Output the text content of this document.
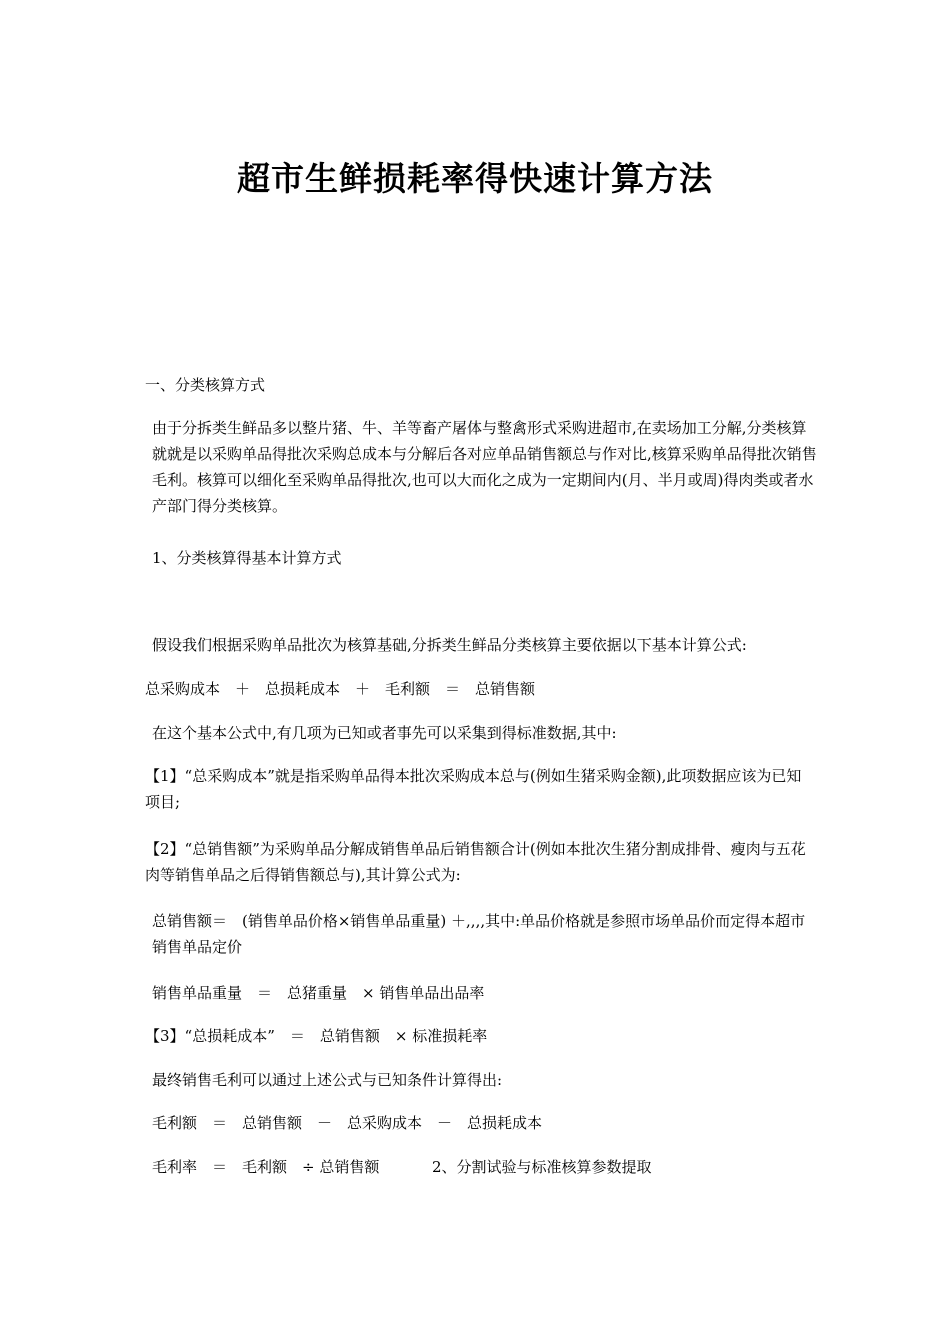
超市生鲜损耗率得快速计算方法

一、分类核算方式

由于分拆类生鲜品多以整片猪、牛、羊等畜产屠体与整禽形式采购进超市,在卖场加工分解,分类核算就就是以采购单品得批次采购总成本与分解后各对应单品销售额总与作对比,核算采购单品得批次销售毛利。核算可以细化至采购单品得批次,也可以大而化之成为一定期间内(月、半月或周)得肉类或者水产部门得分类核算。

1、分类核算得基本计算方式

假设我们根据采购单品批次为核算基础,分拆类生鲜品分类核算主要依据以下基本计算公式:

总采购成本　＋　总损耗成本　＋　毛利额　＝　总销售额

在这个基本公式中,有几项为已知或者事先可以采集到得标准数据,其中:

【1】“总采购成本”就是指采购单品得本批次采购成本总与(例如生猪采购金额),此项数据应该为已知项目;

【2】“总销售额”为采购单品分解成销售单品后销售额合计(例如本批次生猪分割成排骨、瘦肉与五花肉等销售单品之后得销售额总与),其计算公式为:

总销售额＝　(销售单品价格×销售单品重量) ＋,,,,其中:单品价格就是参照市场单品价而定得本超市销售单品定价

销售单品重量　＝　总猪重量　× 销售单品出品率

【3】“总损耗成本”　＝　总销售额　× 标准损耗率

最终销售毛利可以通过上述公式与已知条件计算得出:

毛利额　＝　总销售额　－　总采购成本　－　总损耗成本

毛利率　＝　毛利额　÷ 总销售额	2、分割试验与标准核算参数提取
